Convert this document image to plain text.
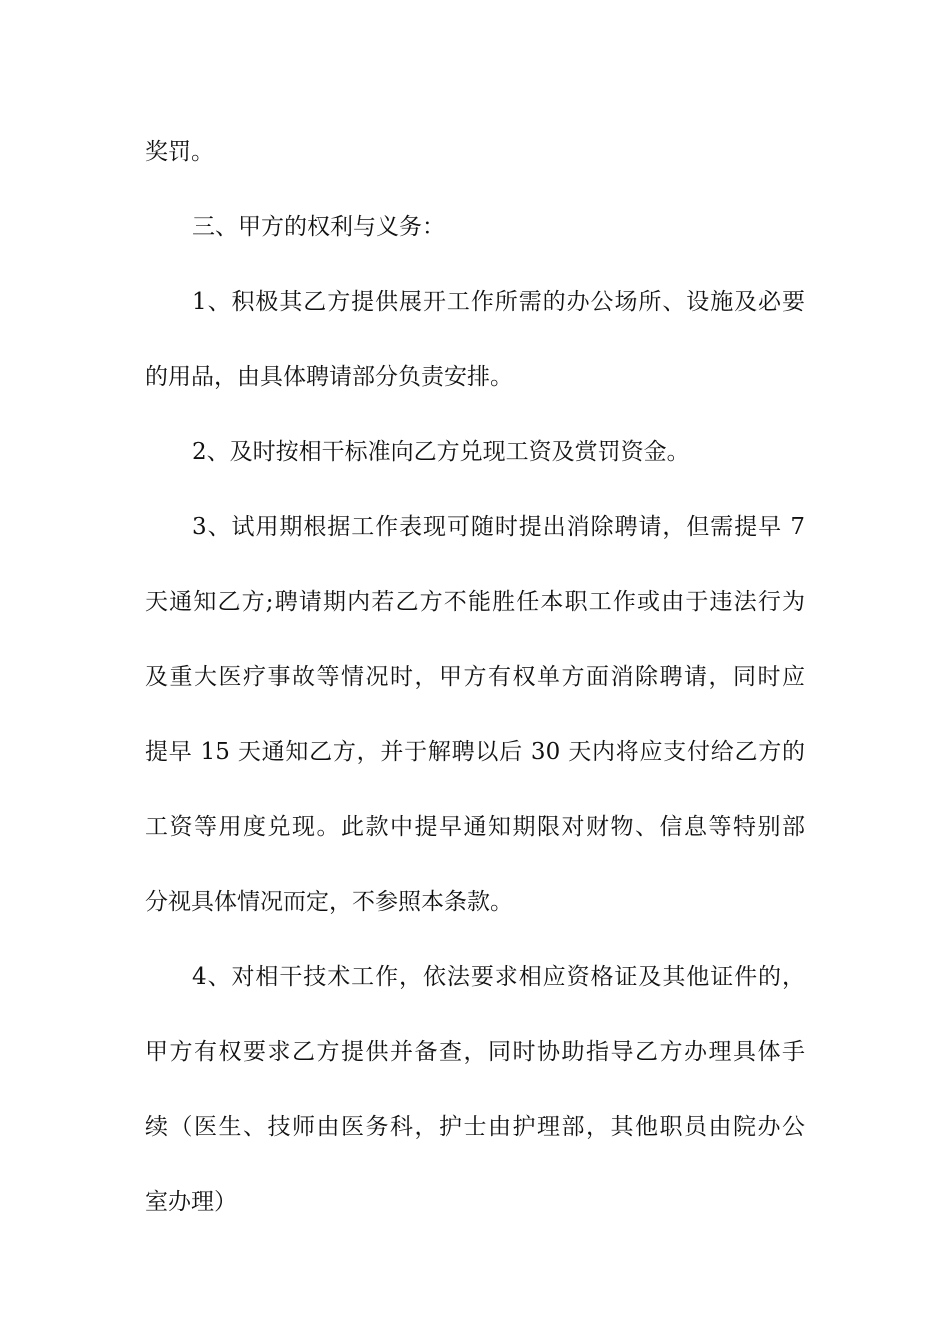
奖罚。
三、甲方的权利与义务：
1、积极其乙方提供展开工作所需的办公场所、设施及必要
的用品，由具体聘请部分负责安排。
2、及时按相干标准向乙方兑现工资及赏罚资金。
3、试用期根据工作表现可随时提出消除聘请，但需提早 7
天通知乙方;聘请期内若乙方不能胜任本职工作或由于违法行为
及重大医疗事故等情况时，甲方有权单方面消除聘请，同时应
提早 15 天通知乙方，并于解聘以后 30 天内将应支付给乙方的
工资等用度兑现。此款中提早通知期限对财物、信息等特别部
分视具体情况而定，不参照本条款。
4、对相干技术工作，依法要求相应资格证及其他证件的，
甲方有权要求乙方提供并备查，同时协助指导乙方办理具体手
续（医生、技师由医务科，护士由护理部，其他职员由院办公
室办理）
